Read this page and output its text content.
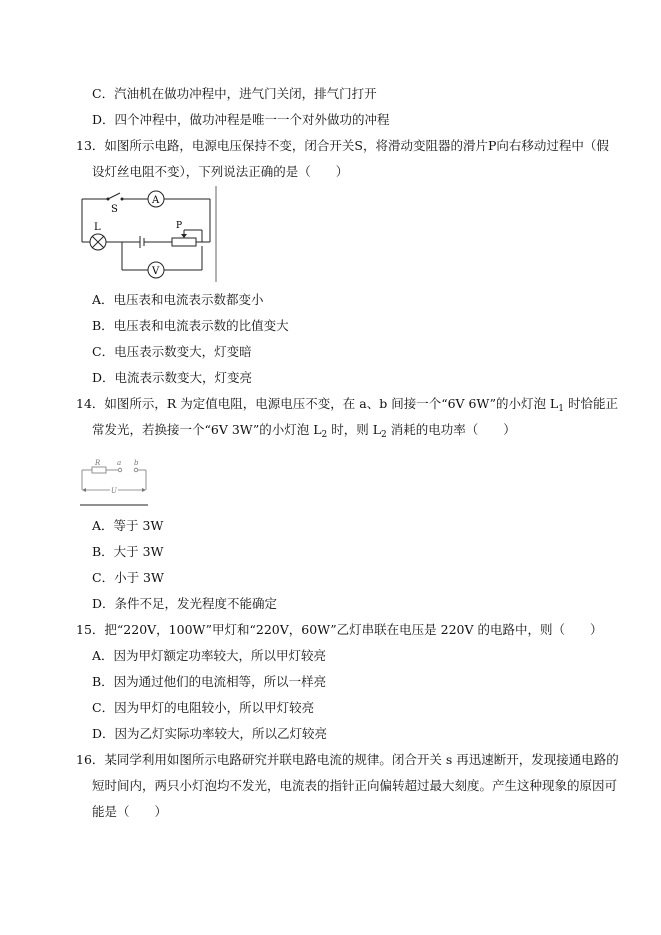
C．汽油机在做功冲程中，进气门关闭，排气门打开
D．四个冲程中，做功冲程是唯一一个对外做功的冲程
13．如图所示电路，电源电压保持不变，闭合开关S，将滑动变阻器的滑片P向右移动过程中（假
设灯丝电阻不变），下列说法正确的是（　　）
S
A
L	P
V
A．电压表和电流表示数都变小
B．电压表和电流表示数的比值变大
C．电压表示数变大，灯变暗
D．电流表示数变大，灯变亮
14．如图所示，R 为定值电阻，电源电压不变，在 a、b 间接一个“6V 6W”的小灯泡 $L_1$ 时恰能正
常发光，若换接一个“6V 3W”的小灯泡 $L_2$ 时，则 $L_2$ 消耗的电功率（　　）
R a b
U
A．等于 3W
B．大于 3W
C．小于 3W
D．条件不足，发光程度不能确定
15．把“220V，100W”甲灯和“220V，60W”乙灯串联在电压是 220V 的电路中，则（　　）
A．因为甲灯额定功率较大，所以甲灯较亮
B．因为通过他们的电流相等，所以一样亮
C．因为甲灯的电阻较小，所以甲灯较亮
D．因为乙灯实际功率较大，所以乙灯较亮
16．某同学利用如图所示电路研究并联电路电流的规律。闭合开关 s 再迅速断开，发现接通电路的
短时间内，两只小灯泡均不发光，电流表的指针正向偏转超过最大刻度。产生这种现象的原因可
能是（　　）
